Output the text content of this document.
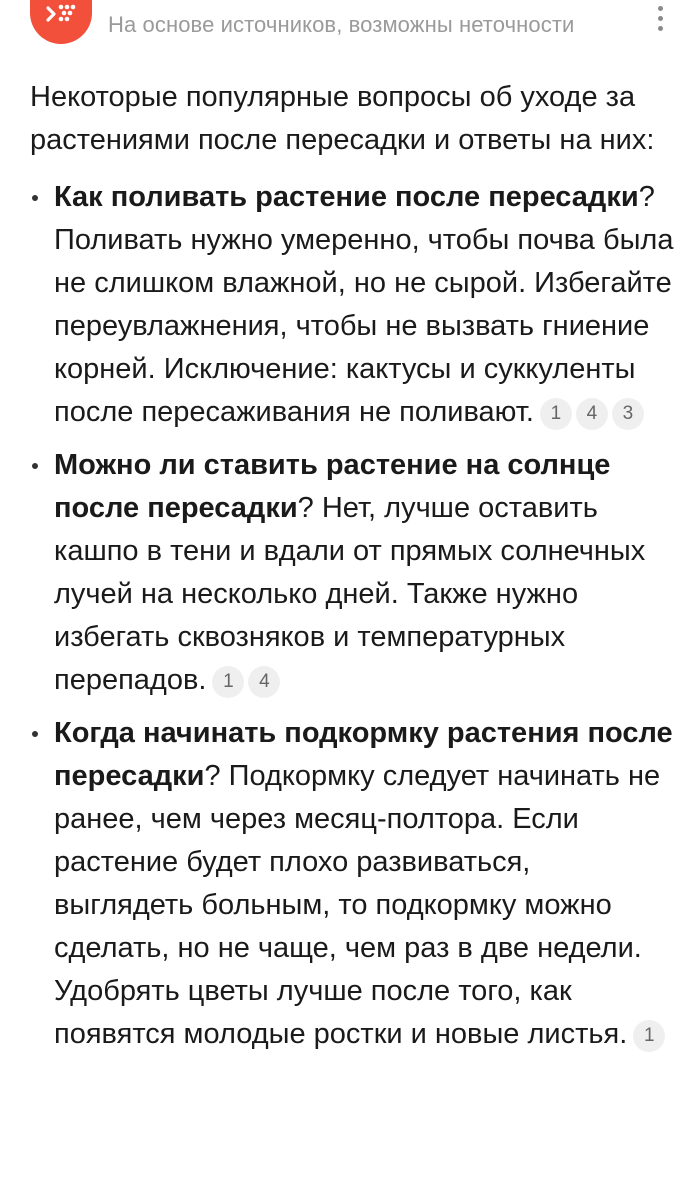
На основе источников, возможны неточности

Некоторые популярные вопросы об уходе за растениями после пересадки и ответы на них:

Как поливать растение после пересадки? Поливать нужно умеренно, чтобы почва была не слишком влажной, но не сырой. Избегайте переувлажнения, чтобы не вызвать гниение корней. Исключение: кактусы и суккуленты после пересаживания не поливают. 1 4 3
Можно ли ставить растение на солнце после пересадки? Нет, лучше оставить кашпо в тени и вдали от прямых солнечных лучей на несколько дней. Также нужно избегать сквозняков и температурных перепадов. 1 4
Когда начинать подкормку растения после пересадки? Подкормку следует начинать не ранее, чем через месяц-полтора. Если растение будет плохо развиваться, выглядеть больным, то подкормку можно сделать, но не чаще, чем раз в две недели. Удобрять цветы лучше после того, как появятся молодые ростки и новые листья. 1
